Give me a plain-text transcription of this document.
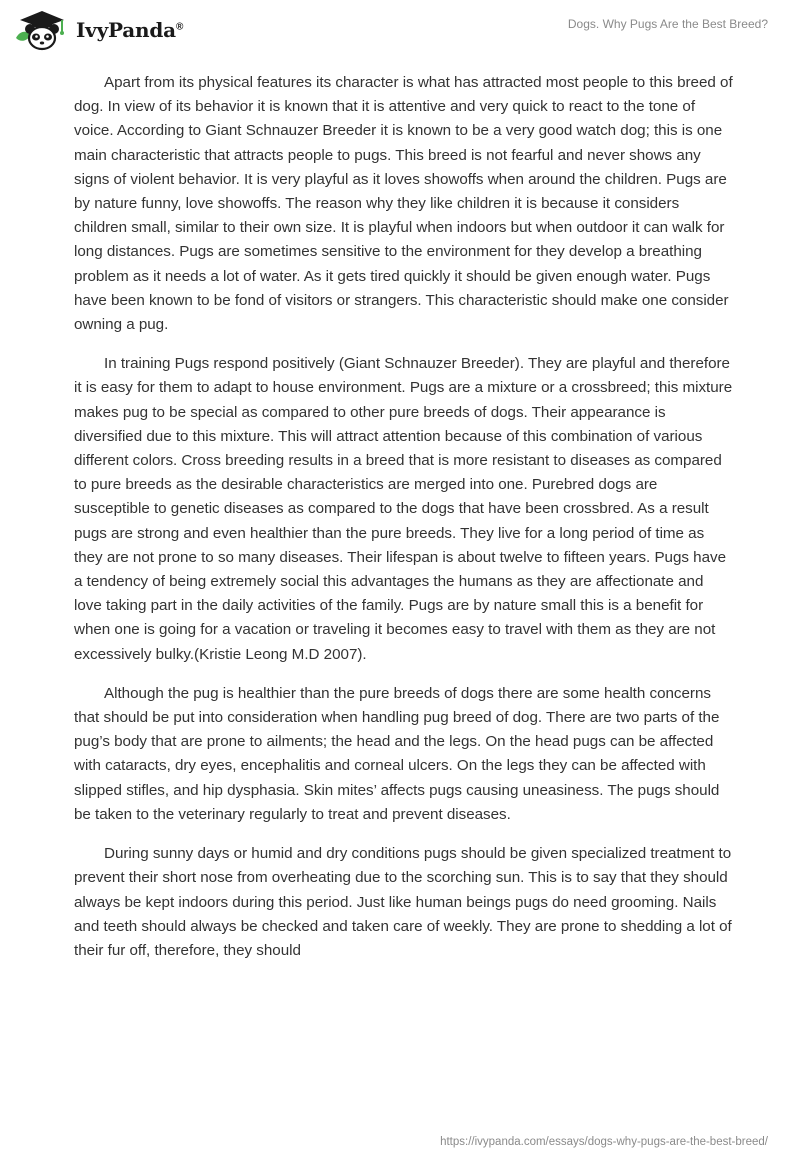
IvyPanda®	Dogs. Why Pugs Are the Best Breed?

Apart from its physical features its character is what has attracted most people to this breed of dog. In view of its behavior it is known that it is attentive and very quick to react to the tone of voice. According to Giant Schnauzer Breeder it is known to be a very good watch dog; this is one main characteristic that attracts people to pugs. This breed is not fearful and never shows any signs of violent behavior. It is very playful as it loves showoffs when around the children. Pugs are by nature funny, love showoffs. The reason why they like children it is because it considers children small, similar to their own size. It is playful when indoors but when outdoor it can walk for long distances. Pugs are sometimes sensitive to the environment for they develop a breathing problem as it needs a lot of water. As it gets tired quickly it should be given enough water. Pugs have been known to be fond of visitors or strangers. This characteristic should make one consider owning a pug.

In training Pugs respond positively (Giant Schnauzer Breeder). They are playful and therefore it is easy for them to adapt to house environment. Pugs are a mixture or a crossbreed; this mixture makes pug to be special as compared to other pure breeds of dogs. Their appearance is diversified due to this mixture. This will attract attention because of this combination of various different colors. Cross breeding results in a breed that is more resistant to diseases as compared to pure breeds as the desirable characteristics are merged into one. Purebred dogs are susceptible to genetic diseases as compared to the dogs that have been crossbred. As a result pugs are strong and even healthier than the pure breeds. They live for a long period of time as they are not prone to so many diseases. Their lifespan is about twelve to fifteen years. Pugs have a tendency of being extremely social this advantages the humans as they are affectionate and love taking part in the daily activities of the family. Pugs are by nature small this is a benefit for when one is going for a vacation or traveling it becomes easy to travel with them as they are not excessively bulky.(Kristie Leong M.D 2007).

Although the pug is healthier than the pure breeds of dogs there are some health concerns that should be put into consideration when handling pug breed of dog. There are two parts of the pug’s body that are prone to ailments; the head and the legs. On the head pugs can be affected with cataracts, dry eyes, encephalitis and corneal ulcers. On the legs they can be affected with slipped stifles, and hip dysphasia. Skin mites’ affects pugs causing uneasiness. The pugs should be taken to the veterinary regularly to treat and prevent diseases.

During sunny days or humid and dry conditions pugs should be given specialized treatment to prevent their short nose from overheating due to the scorching sun. This is to say that they should always be kept indoors during this period. Just like human beings pugs do need grooming. Nails and teeth should always be checked and taken care of weekly. They are prone to shedding a lot of their fur off, therefore, they should

https://ivypanda.com/essays/dogs-why-pugs-are-the-best-breed/
